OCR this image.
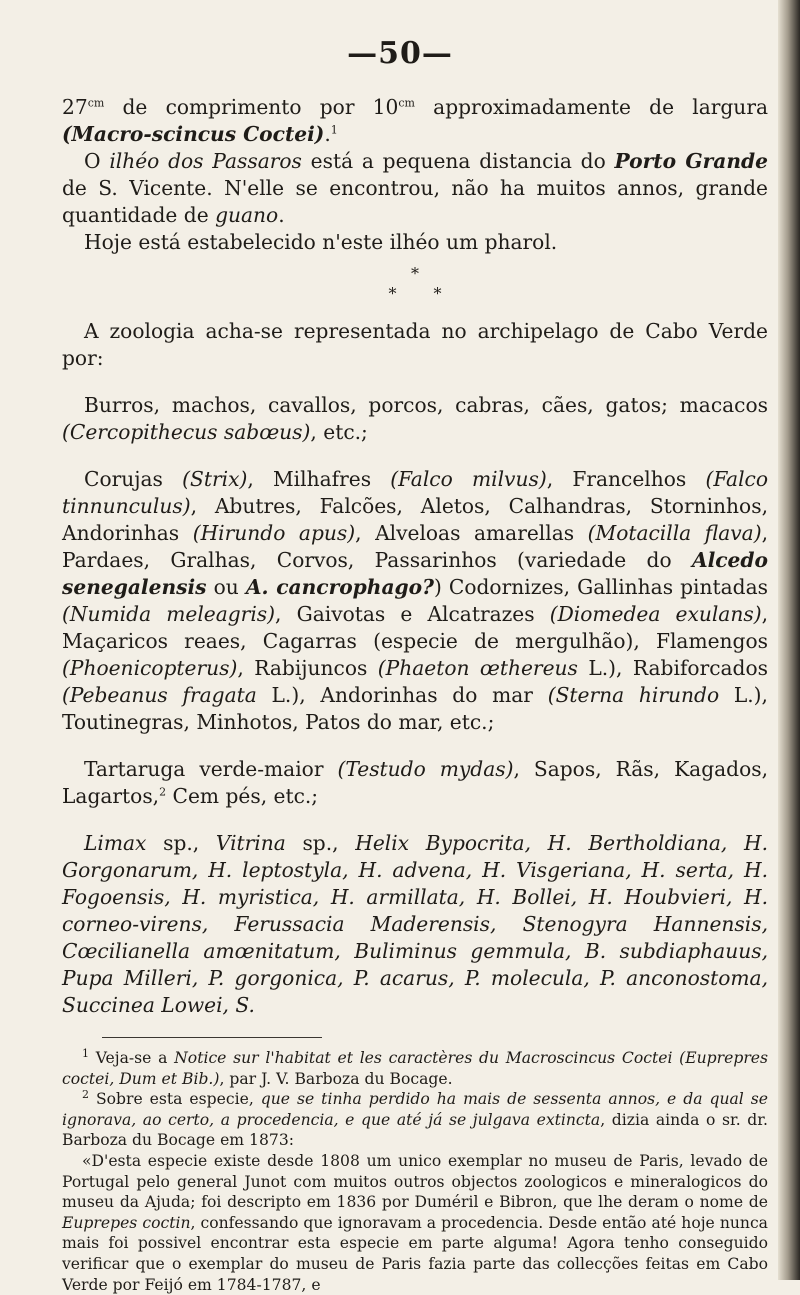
—50—

$27^{cm}$ de comprimento por $10^{cm}$ approximadamente de largura (Macro-scincus Coctei).$^1$

O ilhéo dos Passaros está a pequena distancia do Porto Grande de S. Vicente. N'elle se encontrou, não ha muitos annos, grande quantidade de guano.

Hoje está estabelecido n'este ilhéo um pharol.

*
* *

A zoologia acha-se representada no archipelago de Cabo Verde por:

Burros, machos, cavallos, porcos, cabras, cães, gatos; macacos (Cercopithecus sabœus), etc.;

Corujas (Strix), Milhafres (Falco milvus), Francelhos (Falco tinnunculus), Abutres, Falcões, Aletos, Calhandras, Storninhos, Andorinhas (Hirundo apus), Alveloas amarellas (Motacilla flava), Pardaes, Gralhas, Corvos, Passarinhos (variedade do Alcedo senegalensis ou A. cancrophago?) Codornizes, Gallinhas pintadas (Numida meleagris), Gaivotas e Alcatrazes (Diomedea exulans), Maçaricos reaes, Cagarras (especie de mergulhão), Flamengos (Phoenicopterus), Rabijuncos (Phaeton œthereus L.), Rabiforcados (Pebeanus fragata L.), Andorinhas do mar (Sterna hirundo L.), Toutinegras, Minhotos, Patos do mar, etc.;

Tartaruga verde-maior (Testudo mydas), Sapos, Rãs, Kagados, Lagartos,$^2$ Cem pés, etc.;

Limax sp., Vitrina sp., Helix Bypocrita, H. Bertholdiana, H. Gorgonarum, H. leptostyla, H. advena, H. Visgeriana, H. serta, H. Fogoensis, H. myristica, H. armillata, H. Bollei, H. Houbvieri, H. corneo-virens, Ferussacia Maderensis, Stenogyra Hannensis, Cœcilianella amœnitatum, Buliminus gemmula, B. subdiaphauus, Pupa Milleri, P. gorgonica, P. acarus, P. molecula, P. anconostoma, Succinea Lowei, S.

$^1$ Veja-se a Notice sur l'habitat et les caractères du Macroscincus Coctei (Euprepres coctei, Dum et Bib.), par J. V. Barboza du Bocage.

$^2$ Sobre esta especie, que se tinha perdido ha mais de sessenta annos, e da qual se ignorava, ao certo, a procedencia, e que até já se julgava extincta, dizia ainda o sr. dr. Barboza du Bocage em 1873:

«D'esta especie existe desde 1808 um unico exemplar no museu de Paris, levado de Portugal pelo general Junot com muitos outros objectos zoologicos e mineralogicos do museu da Ajuda; foi descripto em 1836 por Duméril e Bibron, que lhe deram o nome de Euprepes coctin, confessando que ignoravam a procedencia. Desde então até hoje nunca mais foi possivel encontrar esta especie em parte alguma! Agora tenho conseguido verificar que o exemplar do museu de Paris fazia parte das collecções feitas em Cabo Verde por Feijó em 1784-1787, e
